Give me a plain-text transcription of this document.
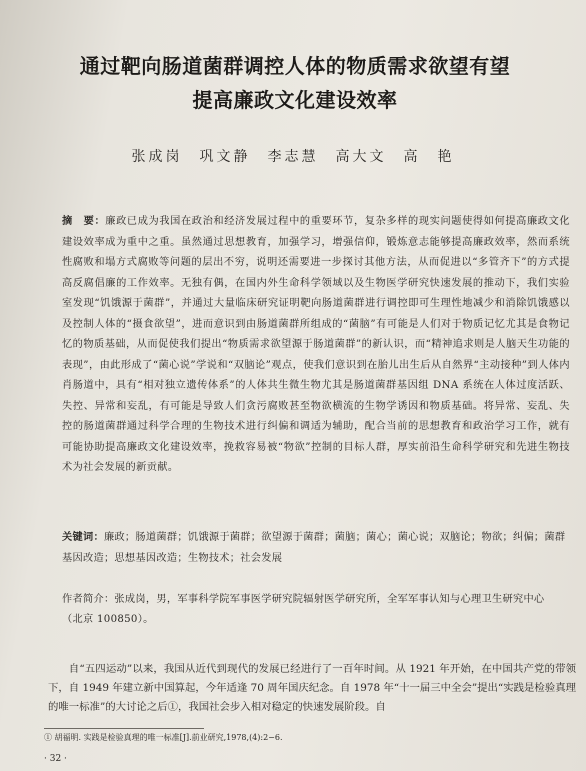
通过靶向肠道菌群调控人体的物质需求欲望有望
提高廉政文化建设效率
张成岗　巩文静　李志慧　高大文　高　艳
摘　要：廉政已成为我国在政治和经济发展过程中的重要环节，复杂多样的现实问题使得如何提高廉政文化建设效率成为重中之重。虽然通过思想教育，加强学习，增强信仰，锻炼意志能够提高廉政效率，然而系统性腐败和塌方式腐败等问题的层出不穷，说明还需要进一步探讨其他方法，从而促进以“多管齐下”的方式提高反腐倡廉的工作效率。无独有偶，在国内外生命科学领域以及生物医学研究快速发展的推动下，我们实验室发现“饥饿源于菌群”，并通过大量临床研究证明靶向肠道菌群进行调控即可生理性地减少和消除饥饿感以及控制人体的“摄食欲望”，进而意识到由肠道菌群所组成的“菌脑”有可能是人们对于物质记忆尤其是食物记忆的物质基础，从而促使我们提出“物质需求欲望源于肠道菌群”的新认识，而“精神追求则是人脑天生功能的表现”，由此形成了“菌心说”学说和“双脑论”观点，使我们意识到在胎儿出生后从自然界“主动接种”到人体内肖肠道中，具有“相对独立遗传体系”的人体共生微生物尤其是肠道菌群基因组 DNA 系统在人体过度活跃、失控、异常和妄乱，有可能是导致人们贪污腐败甚至物欲横流的生物学诱因和物质基础。将异常、妄乱、失控的肠道菌群通过科学合理的生物技术进行纠偏和调适为辅助，配合当前的思想教育和政治学习工作，就有可能协助提高廉政文化建设效率，挽救容易被“物欲”控制的目标人群，厚实前沿生命科学研究和先进生物技术为社会发展的新贡献。
关键词：廉政；肠道菌群；饥饿源于菌群；欲望源于菌群；菌脑；菌心；菌心说；双脑论；物欲；纠偏；菌群基因改造；思想基因改造；生物技术；社会发展
作者简介：张成岗，男，军事科学院军事医学研究院辐射医学研究所，全军军事认知与心理卫生研究中心（北京 100850）。
自“五四运动”以来，我国从近代到现代的发展已经进行了一百年时间。从 1921 年开始，在中国共产党的带领下，自 1949 年建立新中国算起，今年适逢 70 周年国庆纪念。自 1978 年“十一届三中全会”提出“实践是检验真理的唯一标准”的大讨论之后①，我国社会步入相对稳定的快速发展阶段。自
① 胡福明. 实践是检验真理的唯一标准[J].前业研究,1978,(4):2−6.
· 32 ·
